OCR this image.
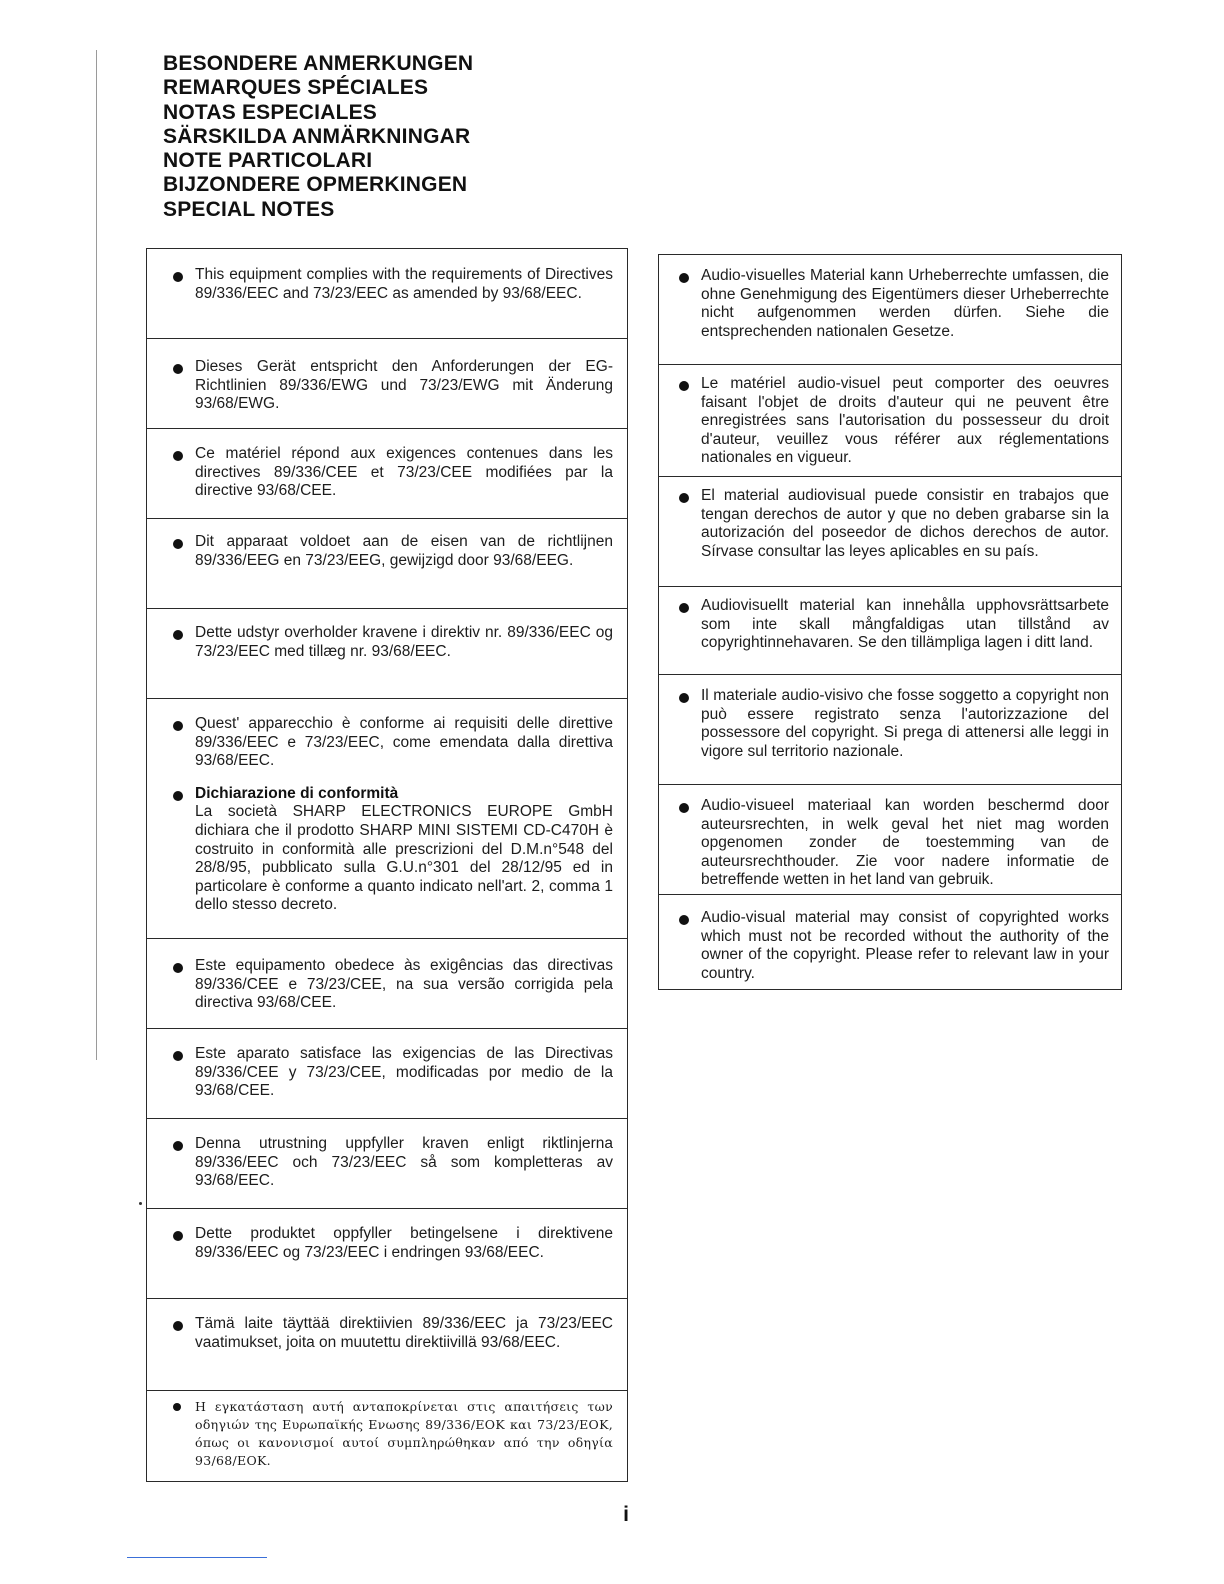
BESONDERE ANMERKUNGEN
REMARQUES SPÉCIALES
NOTAS ESPECIALES
SÄRSKILDA ANMÄRKNINGAR
NOTE PARTICOLARI
BIJZONDERE OPMERKINGEN
SPECIAL NOTES
This equipment complies with the requirements of Directives 89/336/EEC and 73/23/EEC as amended by 93/68/EEC.
Dieses Gerät entspricht den Anforderungen der EG-Richtlinien 89/336/EWG und 73/23/EWG mit Änderung 93/68/EWG.
Ce matériel répond aux exigences contenues dans les directives 89/336/CEE et 73/23/CEE modifiées par la directive 93/68/CEE.
Dit apparaat voldoet aan de eisen van de richtlijnen 89/336/EEG en 73/23/EEG, gewijzigd door 93/68/EEG.
Dette udstyr overholder kravene i direktiv nr. 89/336/EEC og 73/23/EEC med tillæg nr. 93/68/EEC.
Quest' apparecchio è conforme ai requisiti delle direttive 89/336/EEC e 73/23/EEC, come emendata dalla direttiva 93/68/EEC.
Dichiarazione di conformità
La società SHARP ELECTRONICS EUROPE GmbH dichiara che il prodotto SHARP MINI SISTEMI CD-C470H è costruito in conformità alle prescrizioni del D.M.n°548 del 28/8/95, pubblicato sulla G.U.n°301 del 28/12/95 ed in particolare è conforme a quanto indicato nell'art. 2, comma 1 dello stesso decreto.
Este equipamento obedece às exigências das directivas 89/336/CEE e 73/23/CEE, na sua versão corrigida pela directiva 93/68/CEE.
Este aparato satisface las exigencias de las Directivas 89/336/CEE y 73/23/CEE, modificadas por medio de la 93/68/CEE.
Denna utrustning uppfyller kraven enligt riktlinjerna 89/336/EEC och 73/23/EEC så som kompletteras av 93/68/EEC.
Dette produktet oppfyller betingelsene i direktivene 89/336/EEC og 73/23/EEC i endringen 93/68/EEC.
Tämä laite täyttää direktiivien 89/336/EEC ja 73/23/EEC vaatimukset, joita on muutettu direktiivillä 93/68/EEC.
Η εγκατάσταση αυτή ανταποκρίνεται στις απαιτήσεις των οδηγιών της Ευρωπαϊκής Ενωσης 89/336/ΕΟΚ και 73/23/ΕΟΚ, όπως οι κανονισμοί αυτοί συμπληρώθηκαν από την οδηγία 93/68/ΕΟΚ.
Audio-visuelles Material kann Urheberrechte umfassen, die ohne Genehmigung des Eigentümers dieser Urheberrechte nicht aufgenommen werden dürfen. Siehe die entsprechenden nationalen Gesetze.
Le matériel audio-visuel peut comporter des oeuvres faisant l'objet de droits d'auteur qui ne peuvent être enregistrées sans l'autorisation du possesseur du droit d'auteur, veuillez vous référer aux réglementations nationales en vigueur.
El material audiovisual puede consistir en trabajos que tengan derechos de autor y que no deben grabarse sin la autorización del poseedor de dichos derechos de autor. Sírvase consultar las leyes aplicables en su país.
Audiovisuellt material kan innehålla upphovsrättsarbete som inte skall mångfaldigas utan tillstånd av copyrightinnehavaren. Se den tillämpliga lagen i ditt land.
Il materiale audio-visivo che fosse soggetto a copyright non può essere registrato senza l'autorizzazione del possessore del copyright. Si prega di attenersi alle leggi in vigore sul territorio nazionale.
Audio-visueel materiaal kan worden beschermd door auteursrechten, in welk geval het niet mag worden opgenomen zonder de toestemming van de auteursrechthouder. Zie voor nadere informatie de betreffende wetten in het land van gebruik.
Audio-visual material may consist of copyrighted works which must not be recorded without the authority of the owner of the copyright. Please refer to relevant law in your country.
i
